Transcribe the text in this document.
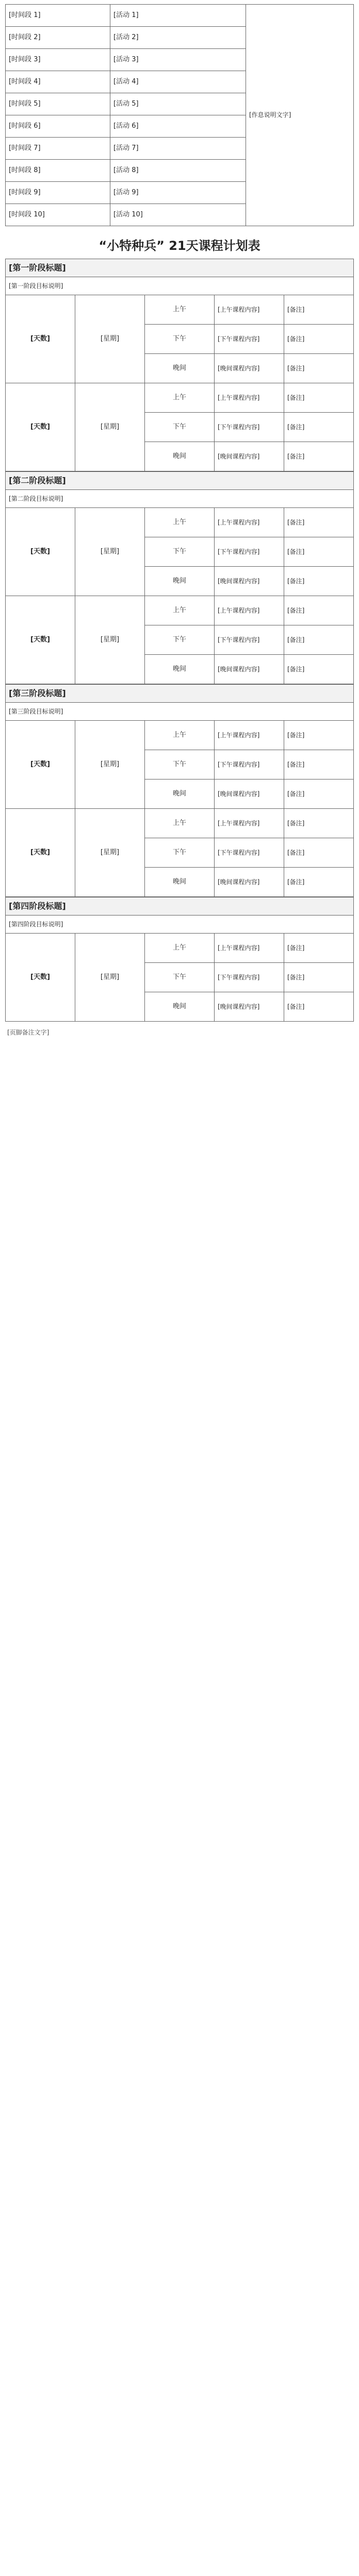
[时间段 1]	[活动 1]	[作息说明文字]
[时间段 2]	[活动 2]	
[时间段 3]	[活动 3]	
[时间段 4]	[活动 4]	
[时间段 5]	[活动 5]	
[时间段 6]	[活动 6]	
[时间段 7]	[活动 7]	
[时间段 8]	[活动 8]	
[时间段 9]	[活动 9]	
[时间段 10]	[活动 10]	
“小特种兵” 21天课程计划表
[第一阶段标题]				
[第一阶段目标说明]				
[天数]	[星期]	上午	[上午课程内容]	[备注]
		下午	[下午课程内容]	[备注]
		晚间	[晚间课程内容]	[备注]
[天数]	[星期]	上午	[上午课程内容]	[备注]
		下午	[下午课程内容]	[备注]
		晚间	[晚间课程内容]	[备注]
[第二阶段标题]				
[第二阶段目标说明]				
[天数]	[星期]	上午	[上午课程内容]	[备注]
		下午	[下午课程内容]	[备注]
		晚间	[晚间课程内容]	[备注]
[天数]	[星期]	上午	[上午课程内容]	[备注]
		下午	[下午课程内容]	[备注]
		晚间	[晚间课程内容]	[备注]
[第三阶段标题]				
[第三阶段目标说明]				
[天数]	[星期]	上午	[上午课程内容]	[备注]
		下午	[下午课程内容]	[备注]
		晚间	[晚间课程内容]	[备注]
[天数]	[星期]	上午	[上午课程内容]	[备注]
		下午	[下午课程内容]	[备注]
		晚间	[晚间课程内容]	[备注]
[第四阶段标题]				
[第四阶段目标说明]				
[天数]	[星期]	上午	[上午课程内容]	[备注]
		下午	[下午课程内容]	[备注]
		晚间	[晚间课程内容]	[备注]
[页脚备注文字]
